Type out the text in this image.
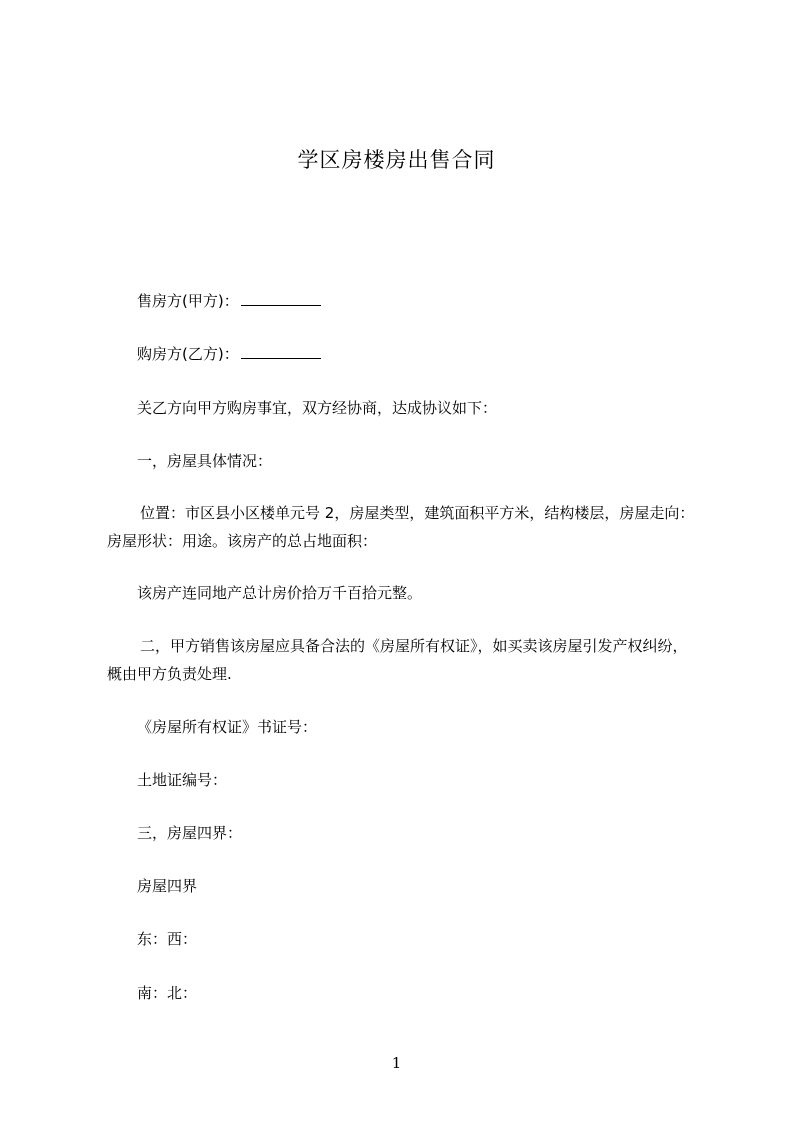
学区房楼房出售合同
售房方(甲方)：
购房方(乙方)：
关乙方向甲方购房事宜，双方经协商，达成协议如下：
一，房屋具体情况：
位置：市区县小区楼单元号 2，房屋类型，建筑面积平方米，结构楼层，房屋走向：房屋形状：用途。该房产的总占地面积：
该房产连同地产总计房价拾万千百拾元整。
二，甲方销售该房屋应具备合法的《房屋所有权证》，如买卖该房屋引发产权纠纷，概由甲方负责处理.
《房屋所有权证》书证号：
土地证编号：
三，房屋四界：
房屋四界
东：西：
南：北：
1
